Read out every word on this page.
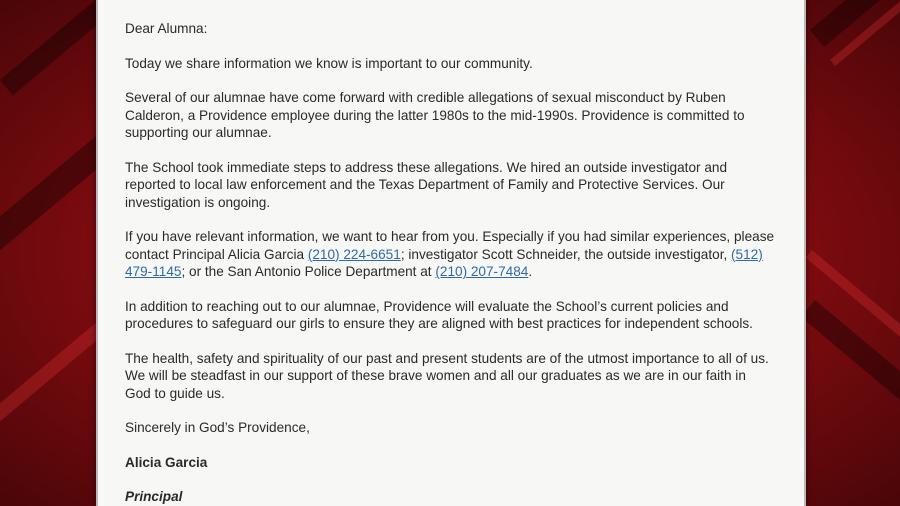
Dear Alumna:

Today we share information we know is important to our community.

Several of our alumnae have come forward with credible allegations of sexual misconduct by Ruben Calderon, a Providence employee during the latter 1980s to the mid-1990s. Providence is committed to supporting our alumnae.

The School took immediate steps to address these allegations. We hired an outside investigator and reported to local law enforcement and the Texas Department of Family and Protective Services. Our investigation is ongoing.

If you have relevant information, we want to hear from you. Especially if you had similar experiences, please contact Principal Alicia Garcia (210) 224-6651; investigator Scott Schneider, the outside investigator, (512) 479-1145; or the San Antonio Police Department at (210) 207-7484.

In addition to reaching out to our alumnae, Providence will evaluate the School’s current policies and procedures to safeguard our girls to ensure they are aligned with best practices for independent schools.

The health, safety and spirituality of our past and present students are of the utmost importance to all of us. We will be steadfast in our support of these brave women and all our graduates as we are in our faith in God to guide us.

Sincerely in God’s Providence,

Alicia Garcia

Principal
